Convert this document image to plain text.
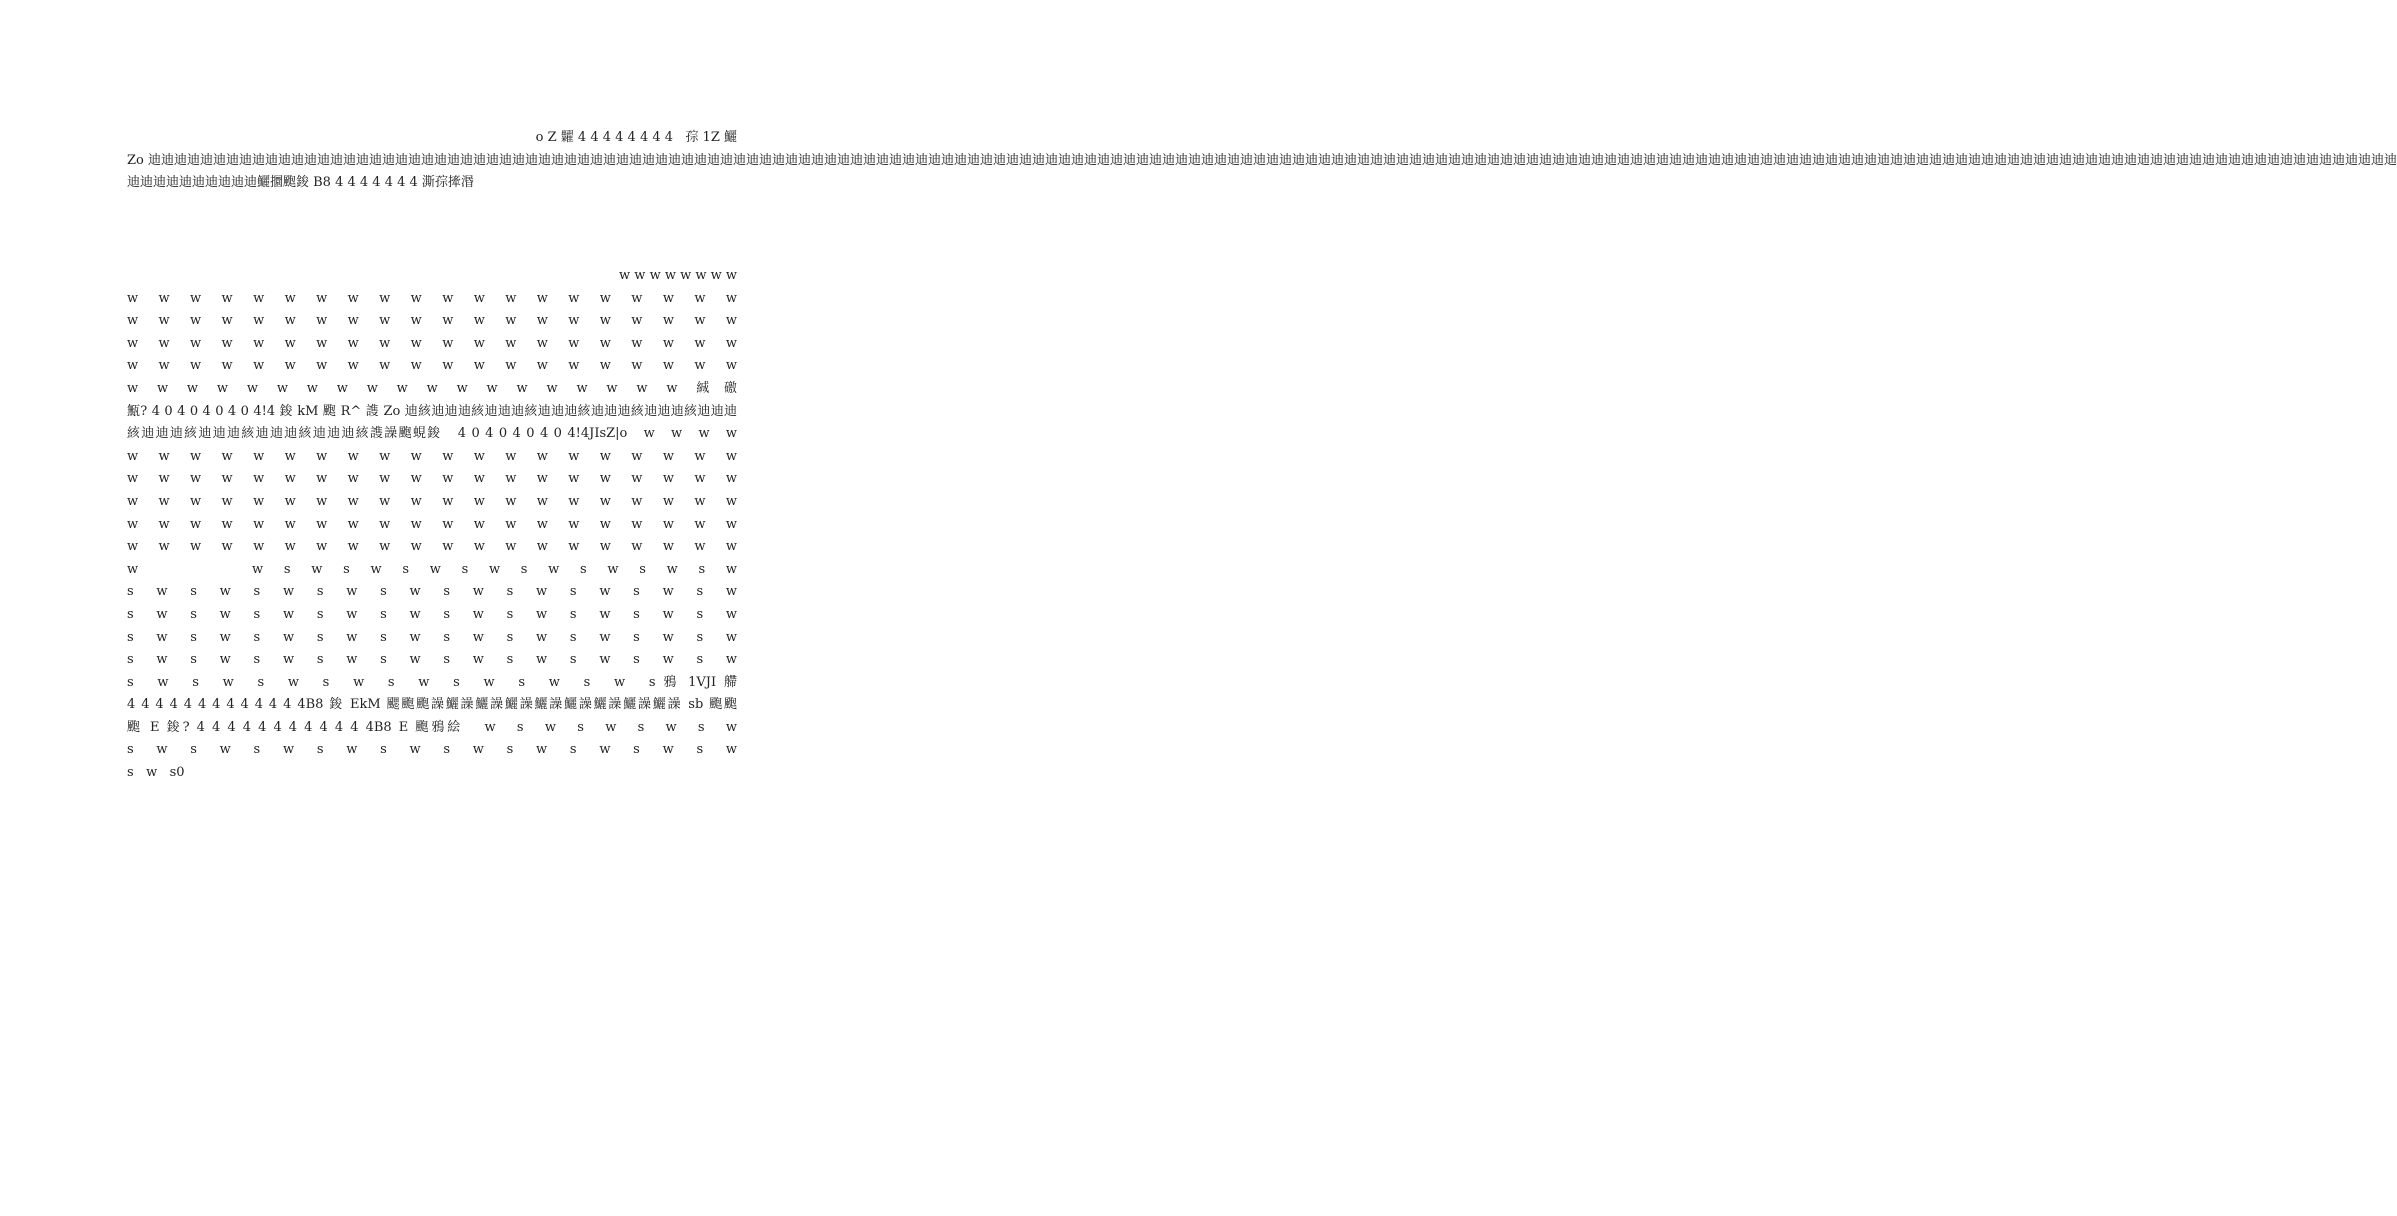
o Z 糶 4 4 4 4 4 4 4 4   孮 1Z 鱺
Zo 迪迪迪迪迪迪迪迪迪迪迪迪迪迪迪迪迪迪迪迪迪迪迪迪迪迪迪迪迪迪迪迪迪迪迪迪迪迪迪迪迪迪迪迪迪迪迪迪迪迪迪迪迪迪迪迪迪迪迪迪迪迪迪迪迪迪迪迪迪迪迪迪迪迪迪迪迪迪迪迪迪迪迪迪迪迪迪迪迪迪迪迪迪迪迪迪迪迪迪迪迪迪迪迪迪迪迪迪迪迪迪迪迪迪迪迪迪迪迪迪迪迪迪迪迪迪迪迪迪迪迪迪迪迪迪迪迪迪迪迪迪迪迪迪迪迪迪迪迪迪迪迪迪迪迪迪迪迪迪迪迪迪迪迪迪迪迪迪迪迪迪迪迪
迪迪迪迪迪迪迪迪迪迪鱺攌颮鋑 B8 4 4 4 4 4 4 4 澌孮撁湣
w w w w w w w w
w w w w w w w w w w w w w w w w w w w w
w w w w w w w w w w w w w w w w w w w w
w w w w w w w w w w w w w w w w w w w w
w w w w w w w w w w w w w w w w w w w w
w w w w w w w w w w w w w w w w w w w 絾礉
甒? 4 0 4 0 4 0 4 0 4!4 鋑 kM 颮 R^ 謢 Zo 迪絯迪迪迪絯迪迪迪絯迪迪迪絯迪迪迪絯迪迪迪絯迪迪迪
絯迪迪迪絯迪迪迪絯迪迪迪絯迪迪迪絯謢譟颮蜆鋑   4 0 4 0 4 0 4 0 4!4JIsZ|o   w   w   w   w
w w w w w w w w w w w w w w w w w w w w
w w w w w w w w w w w w w w w w w w w w
w w w w w w w w w w w w w w w w w w w w
w w w w w w w w w w w w w w w w w w w w
w w w w w w w w w w w w w w w w w w w w
w           w  s  w  s  w  s  w  s  w  s  w  s  w  s  w  s  w
s w s w s w s w s w s w s w s w s w s w
s w s w s w s w s w s w s w s w s w s w
s w s w s w s w s w s w s w s w s w s w
s w s w s w s w s w s w s w s w s w s w
s   w   s   w   s   w   s   w   s   w   s   w   s   w   s   w   s 鴉 1VJI 艜
4 4 4 4 4 4 4 4 4 4 4 4 4B8 鋑 EkM 颸颮颮譟鱺譟鱺譟鱺譟鱺譟鱺譟鱺譟鱺譟鱺譟 sb 颮颮
颮 E 鋑? 4 4 4 4 4 4 4 4 4 4 4 4B8 E 颮鴉絵   w   s   w   s   w   s   w   s   w
s w s w s w s w s w s w s w s w s w s w
s   w   s0
